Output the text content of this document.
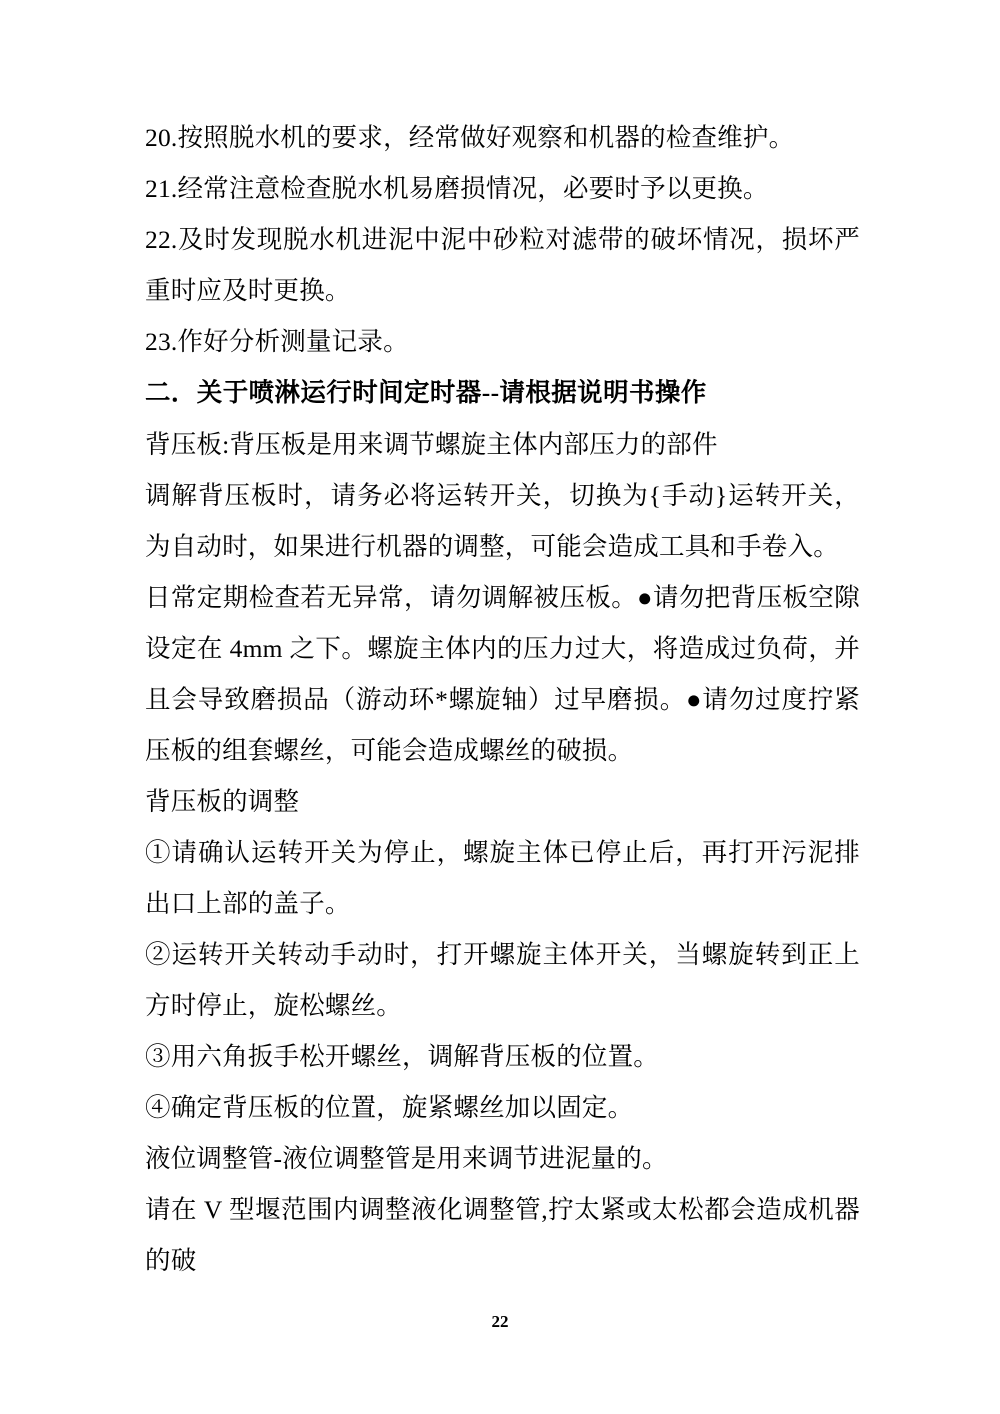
20.按照脱水机的要求，经常做好观察和机器的检查维护。

21.经常注意检查脱水机易磨损情况，必要时予以更换。

22.及时发现脱水机进泥中泥中砂粒对滤带的破坏情况，损坏严重时应及时更换。

23.作好分析测量记录。

二．关于喷淋运行时间定时器--请根据说明书操作

背压板:背压板是用来调节螺旋主体内部压力的部件

调解背压板时，请务必将运转开关，切换为{手动}运转开关， 为自动时，如果进行机器的调整，可能会造成工具和手卷入。

日常定期检查若无异常，请勿调解被压板。●请勿把背压板空隙设定在 4mm 之下。螺旋主体内的压力过大，将造成过负荷，并且会导致磨损品（游动环*螺旋轴）过早磨损。●请勿过度拧紧压板的组套螺丝，可能会造成螺丝的破损。

背压板的调整

①请确认运转开关为停止，螺旋主体已停止后，再打开污泥排出口上部的盖子。

②运转开关转动手动时，打开螺旋主体开关，当螺旋转到正上方时停止，旋松螺丝。

③用六角扳手松开螺丝，调解背压板的位置。

④确定背压板的位置，旋紧螺丝加以固定。

液位调整管-液位调整管是用来调节进泥量的。

请在 V 型堰范围内调整液化调整管,拧太紧或太松都会造成机器的破

22
